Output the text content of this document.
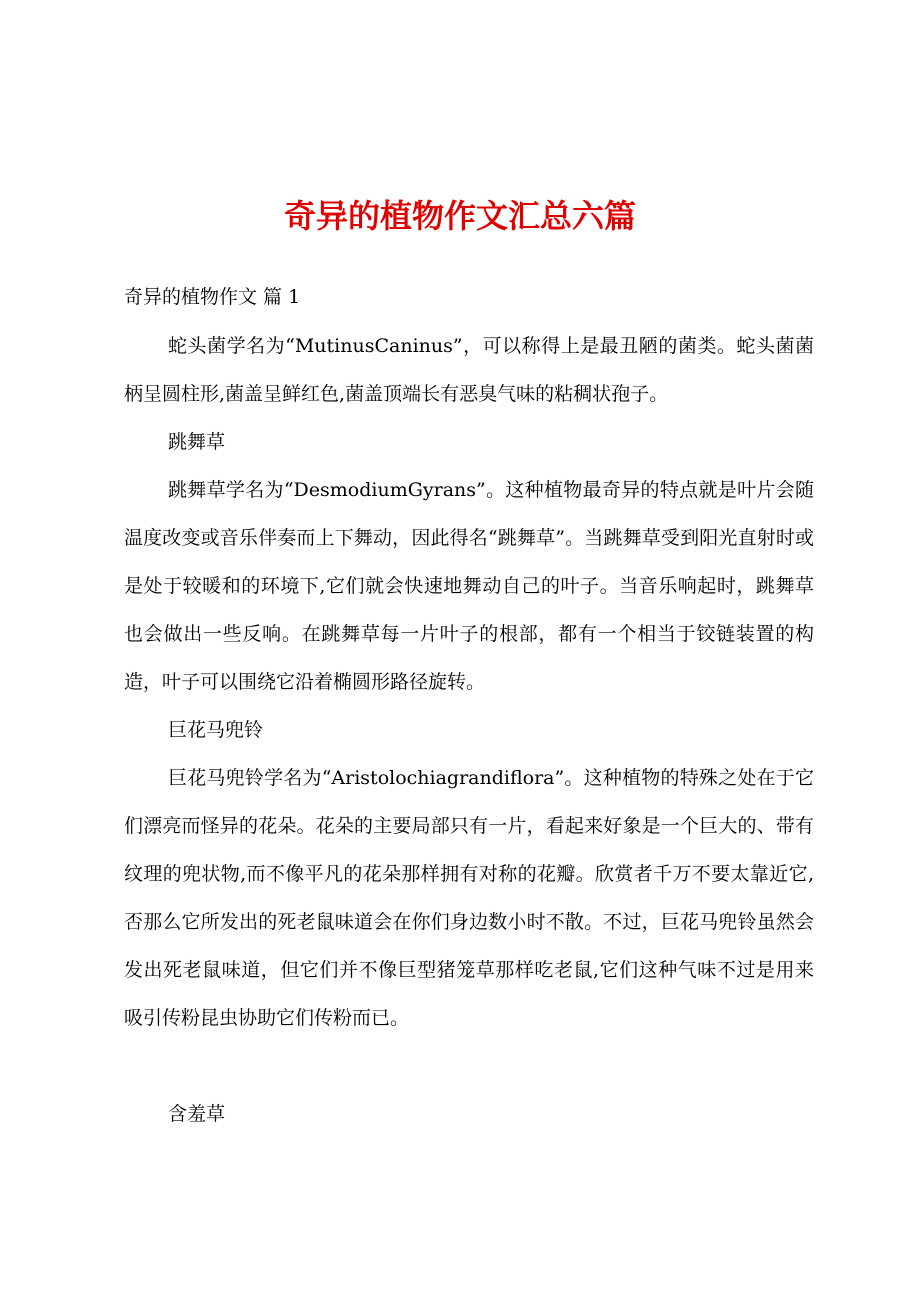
奇异的植物作文汇总六篇
奇异的植物作文 篇 1

蛇头菌学名为“MutinusCaninus”，可以称得上是最丑陋的菌类。蛇头菌菌柄呈圆柱形,菌盖呈鲜红色,菌盖顶端长有恶臭气味的粘稠状孢子。

跳舞草

跳舞草学名为“DesmodiumGyrans”。这种植物最奇异的特点就是叶片会随温度改变或音乐伴奏而上下舞动，因此得名“跳舞草”。当跳舞草受到阳光直射时或是处于较暖和的环境下,它们就会快速地舞动自己的叶子。当音乐响起时，跳舞草也会做出一些反响。在跳舞草每一片叶子的根部，都有一个相当于铰链装置的构造，叶子可以围绕它沿着椭圆形路径旋转。

巨花马兜铃

巨花马兜铃学名为“Aristolochiagrandiflora”。这种植物的特殊之处在于它们漂亮而怪异的花朵。花朵的主要局部只有一片，看起来好象是一个巨大的、带有纹理的兜状物,而不像平凡的花朵那样拥有对称的花瓣。欣赏者千万不要太靠近它,否那么它所发出的死老鼠味道会在你们身边数小时不散。不过，巨花马兜铃虽然会发出死老鼠味道，但它们并不像巨型猪笼草那样吃老鼠,它们这种气味不过是用来吸引传粉昆虫协助它们传粉而已。

含羞草
